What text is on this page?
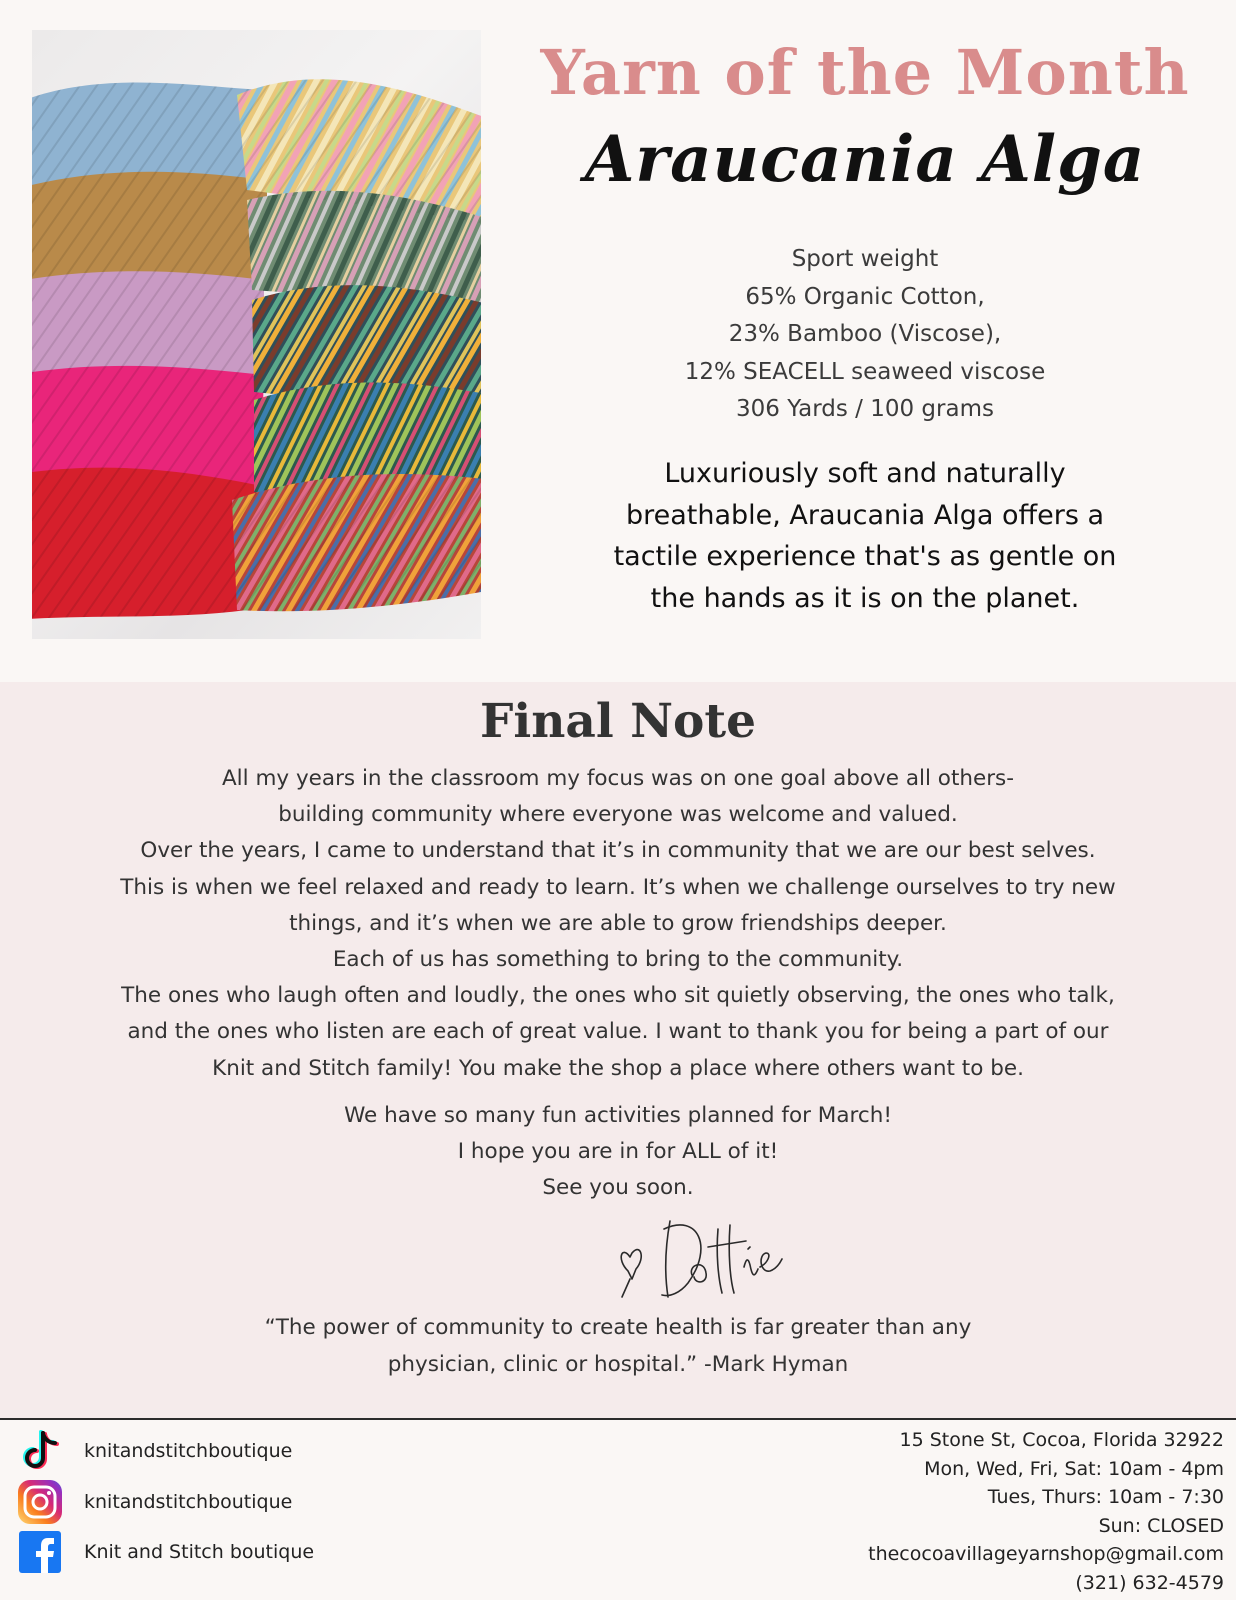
Yarn of the Month
Araucania Alga
Sport weight
65% Organic Cotton,
23% Bamboo (Viscose),
12% SEACELL seaweed viscose
306 Yards / 100 grams
Luxuriously soft and naturally
breathable, Araucania Alga offers a
tactile experience that's as gentle on
the hands as it is on the planet.
Final Note
All my years in the classroom my focus was on one goal above all others-
building community where everyone was welcome and valued.
Over the years, I came to understand that it’s in community that we are our best selves.
This is when we feel relaxed and ready to learn. It’s when we challenge ourselves to try new
things, and it’s when we are able to grow friendships deeper.
Each of us has something to bring to the community.
The ones who laugh often and loudly, the ones who sit quietly observing, the ones who talk,
and the ones who listen are each of great value. I want to thank you for being a part of our
Knit and Stitch family! You make the shop a place where others want to be.
We have so many fun activities planned for March!
I hope you are in for ALL of it!
See you soon.
“The power of community to create health is far greater than any
physician, clinic or hospital.” -Mark Hyman
knitandstitchboutique
knitandstitchboutique
Knit and Stitch boutique
15 Stone St, Cocoa, Florida 32922
Mon, Wed, Fri, Sat: 10am - 4pm
Tues, Thurs: 10am - 7:30
Sun: CLOSED
thecocoavillageyarnshop@gmail.com
(321) 632-4579
